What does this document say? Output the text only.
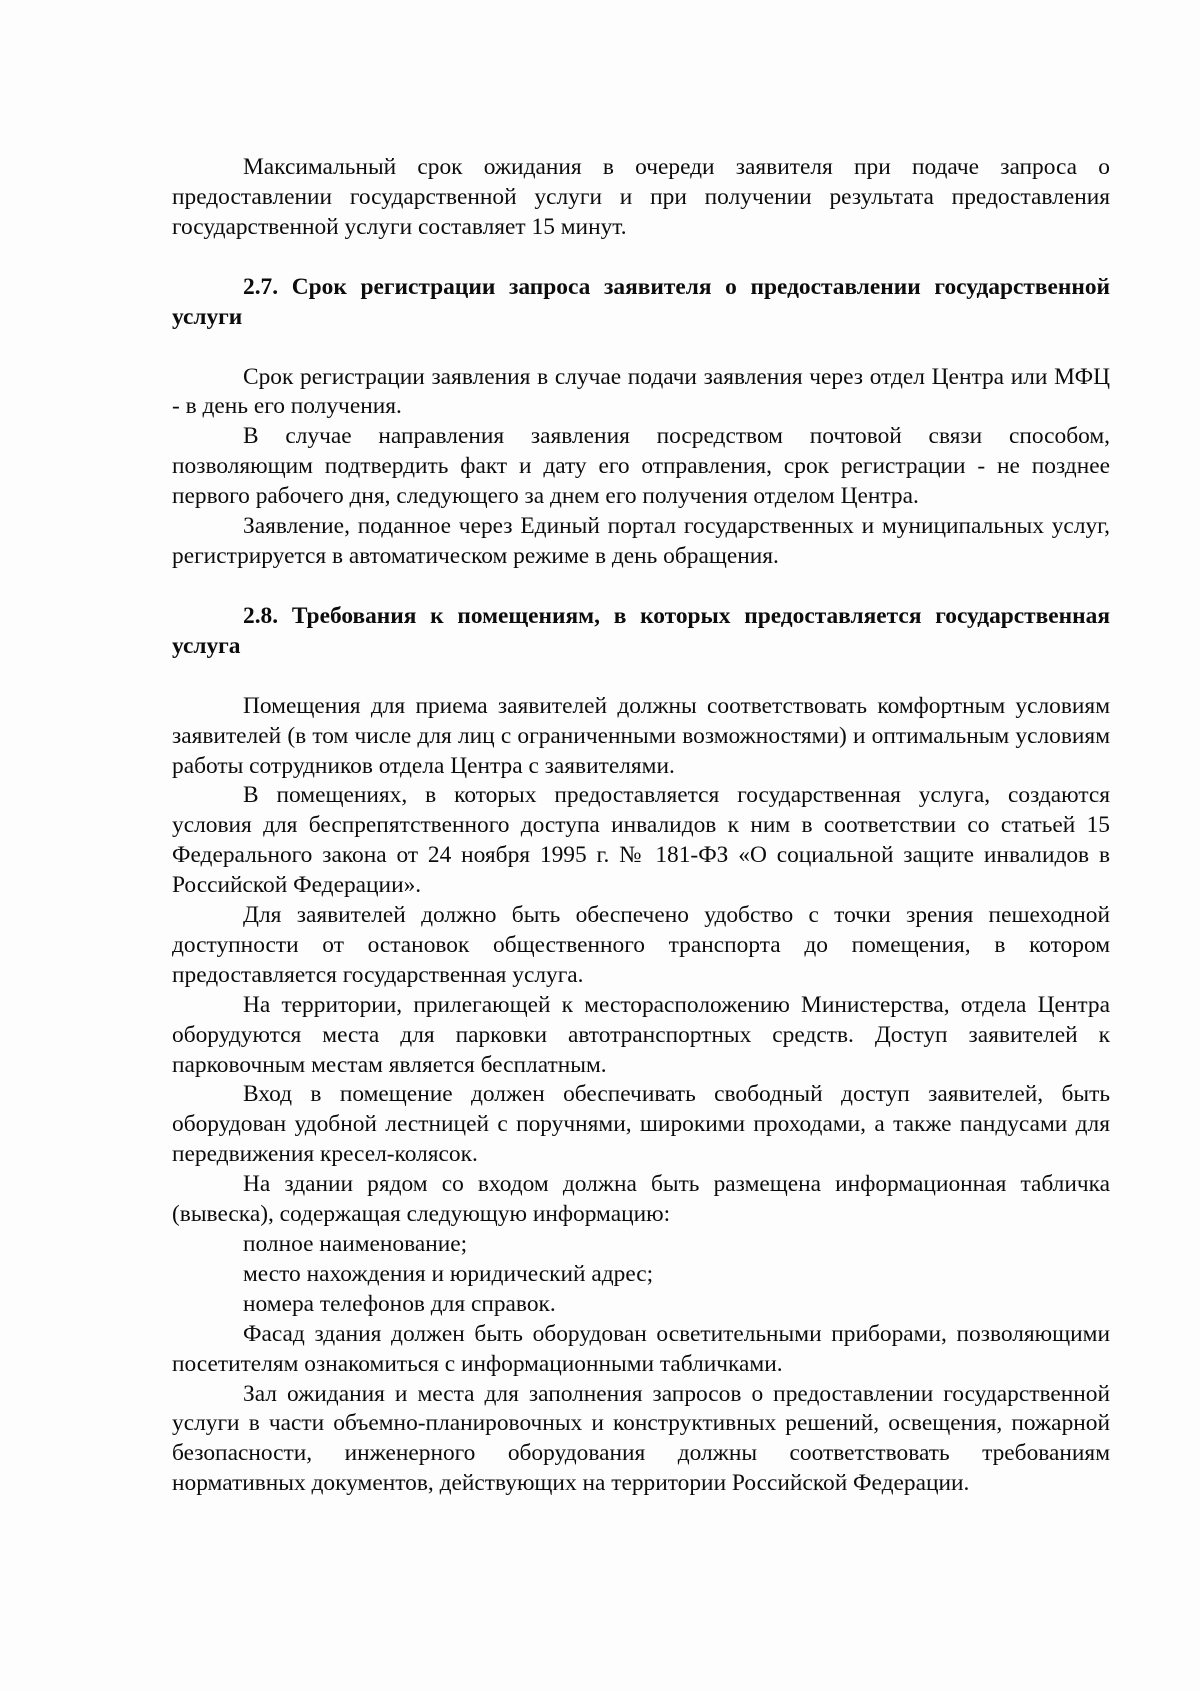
Максимальный срок ожидания в очереди заявителя при подаче запроса о предоставлении государственной услуги и при получении результата предоставления государственной услуги составляет 15 минут.

2.7. Срок регистрации запроса заявителя о предоставлении государственной услуги

Срок регистрации заявления в случае подачи заявления через отдел Центра или МФЦ - в день его получения.

В случае направления заявления посредством почтовой связи способом, позволяющим подтвердить факт и дату его отправления, срок регистрации - не позднее первого рабочего дня, следующего за днем его получения отделом Центра.

Заявление, поданное через Единый портал государственных и муниципальных услуг, регистрируется в автоматическом режиме в день обращения.

2.8. Требования к помещениям, в которых предоставляется государственная услуга

Помещения для приема заявителей должны соответствовать комфортным условиям заявителей (в том числе для лиц с ограниченными возможностями) и оптимальным условиям работы сотрудников отдела Центра с заявителями.

В помещениях, в которых предоставляется государственная услуга, создаются условия для беспрепятственного доступа инвалидов к ним в соответствии со статьей 15 Федерального закона от 24 ноября 1995 г. № 181-ФЗ «О социальной защите инвалидов в Российской Федерации».

Для заявителей должно быть обеспечено удобство с точки зрения пешеходной доступности от остановок общественного транспорта до помещения, в котором предоставляется государственная услуга.

На территории, прилегающей к месторасположению Министерства, отдела Центра оборудуются места для парковки автотранспортных средств. Доступ заявителей к парковочным местам является бесплатным.

Вход в помещение должен обеспечивать свободный доступ заявителей, быть оборудован удобной лестницей с поручнями, широкими проходами, а также пандусами для передвижения кресел-колясок.

На здании рядом со входом должна быть размещена информационная табличка (вывеска), содержащая следующую информацию:

полное наименование;

место нахождения и юридический адрес;

номера телефонов для справок.

Фасад здания должен быть оборудован осветительными приборами, позволяющими посетителям ознакомиться с информационными табличками.

Зал ожидания и места для заполнения запросов о предоставлении государственной услуги в части объемно-планировочных и конструктивных решений, освещения, пожарной безопасности, инженерного оборудования должны соответствовать требованиям нормативных документов, действующих на территории Российской Федерации.
